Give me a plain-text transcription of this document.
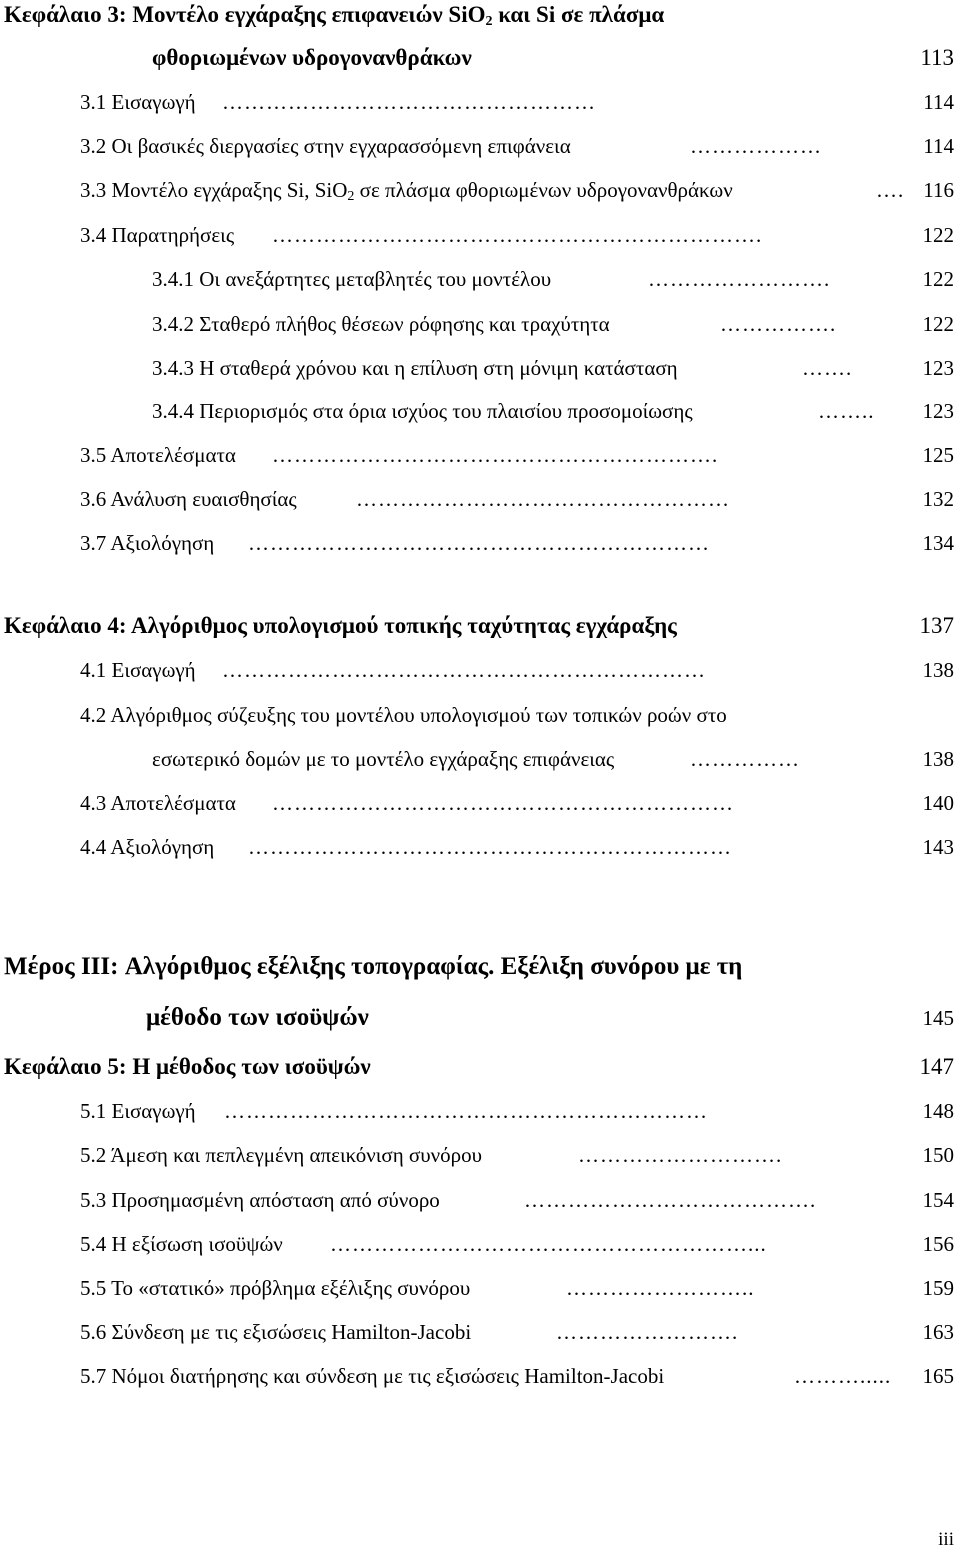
Κεφάλαιο 3: Μοντέλο εγχάραξης επιφανειών SiO$_2$ και Si σε πλάσμα
φθοριωμένων υδρογονανθράκων	113
3.1 Εισαγωγή ……………………………………………	114
3.2 Οι βασικές διεργασίες στην εγχαρασσόμενη επιφάνεια	………………	114
3.3 Μοντέλο εγχάραξης Si, SiO$_2$ σε πλάσμα φθοριωμένων υδρογονανθράκων	…. 116
3.4 Παρατηρήσεις ………………………………………………………….	122
3.4.1 Οι ανεξάρτητες μεταβλητές του μοντέλου	…………………….	122
3.4.2 Σταθερό πλήθος θέσεων ρόφησης και τραχύτητα	…………….	122
3.4.3 Η σταθερά χρόνου και η επίλυση στη μόνιμη κατάσταση	…….	123
3.4.4 Περιορισμός στα όρια ισχύος του πλαισίου προσομοίωσης	……..	123
3.5 Αποτελέσματα …………………………………………………….	125
3.6 Ανάλυση ευαισθησίας	……………………………………………	132
3.7 Αξιολόγηση ………………………………………………………	134
Κεφάλαιο 4: Αλγόριθμος υπολογισμού τοπικής ταχύτητας εγχάραξης	137
4.1 Εισαγωγή …………………………………………………………	138
4.2 Αλγόριθμος σύζευξης του μοντέλου υπολογισμού των τοπικών ροών στο
εσωτερικό δομών με το μοντέλο εγχάραξης επιφάνειας	……………	138
4.3 Αποτελέσματα ………………………………………………………	140
4.4 Αξιολόγηση …………………………………………………………	143
Μέρος III: Αλγόριθμος εξέλιξης τοπογραφίας. Εξέλιξη συνόρου με τη
μέθοδο των ισοϋψών	145
Κεφάλαιο 5: Η μέθοδος των ισοϋψών	147
5.1 Εισαγωγή …………………………………………………………	148
5.2 Άμεση και πεπλεγμένη απεικόνιση συνόρου	……………………….	150
5.3 Προσημασμένη απόσταση από σύνορο	………………………………….	154
5.4 Η εξίσωση ισοϋψών …………………………………………………...	156
5.5 Το «στατικό» πρόβλημα εξέλιξης συνόρου	……………………..	159
5.6 Σύνδεση με τις εξισώσεις Hamilton-Jacobi	…………………….	163
5.7 Νόμοι διατήρησης και σύνδεση με τις εξισώσεις Hamilton-Jacobi	……….....	165
iii
